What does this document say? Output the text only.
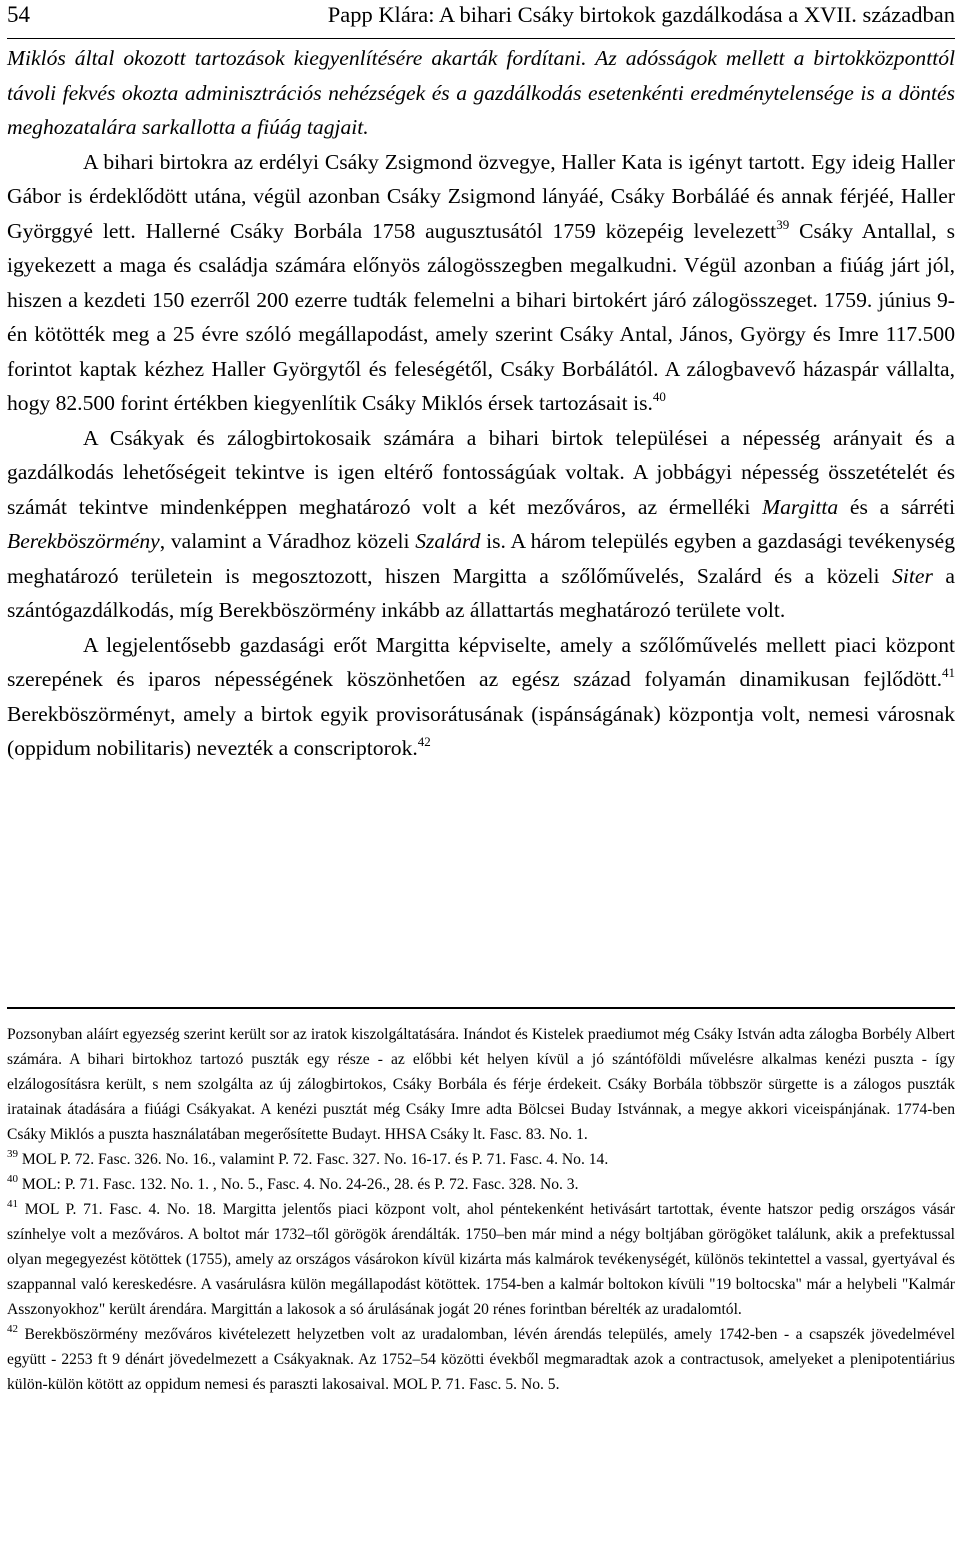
54	Papp Klára: A bihari Csáky birtokok gazdálkodása a XVII. században

Miklós által okozott tartozások kiegyenlítésére akarták fordítani. Az adósságok mellett a birtokközponttól távoli fekvés okozta adminisztrációs nehézségek és a gazdálkodás esetenkénti eredménytelensége is a döntés meghozatalára sarkallotta a fiúág tagjait.

A bihari birtokra az erdélyi Csáky Zsigmond özvegye, Haller Kata is igényt tartott. Egy ideig Haller Gábor is érdeklődött utána, végül azonban Csáky Zsigmond lányáé, Csáky Borbáláé és annak férjéé, Haller Györggyé lett. Hallerné Csáky Borbála 1758 augusztusától 1759 közepéig levelezett$^{39}$ Csáky Antallal, s igyekezett a maga és családja számára előnyös zálogösszegben megalkudni. Végül azonban a fiúág járt jól, hiszen a kezdeti 150 ezerről 200 ezerre tudták felemelni a bihari birtokért járó zálogösszeget. 1759. június 9-én kötötték meg a 25 évre szóló megállapodást, amely szerint Csáky Antal, János, György és Imre 117.500 forintot kaptak kézhez Haller Györgytől és feleségétől, Csáky Borbálától. A zálogbavevő házaspár vállalta, hogy 82.500 forint értékben kiegyenlítik Csáky Miklós érsek tartozásait is.$^{40}$

A Csákyak és zálogbirtokosaik számára a bihari birtok települései a népesség arányait és a gazdálkodás lehetőségeit tekintve is igen eltérő fontosságúak voltak. A jobbágyi népesség összetételét és számát tekintve mindenképpen meghatározó volt a két mezőváros, az érmelléki Margitta és a sárréti Berekböszörmény, valamint a Váradhoz közeli Szalárd is. A három település egyben a gazdasági tevékenység meghatározó területein is megosztozott, hiszen Margitta a szőlőművelés, Szalárd és a közeli Siter a szántógazdálkodás, míg Berekböszörmény inkább az állattartás meghatározó területe volt.

A legjelentősebb gazdasági erőt Margitta képviselte, amely a szőlőművelés mellett piaci központ szerepének és iparos népességének köszönhetően az egész század folyamán dinamikusan fejlődött.$^{41}$ Berekböszörményt, amely a birtok egyik provisorátusának (ispánságának) központja volt, nemesi városnak (oppidum nobilitaris) nevezték a conscriptorok.$^{42}$

Pozsonyban aláírt egyezség szerint került sor az iratok kiszolgáltatására. Inándot és Kistelek praediumot még Csáky István adta zálogba Borbély Albert számára. A bihari birtokhoz tartozó puszták egy része - az előbbi két helyen kívül a jó szántóföldi művelésre alkalmas kenézi puszta - így elzálogosításra került, s nem szolgálta az új zálogbirtokos, Csáky Borbála és férje érdekeit. Csáky Borbála többször sürgette is a zálogos puszták iratainak átadására a fiúági Csákyakat. A kenézi pusztát még Csáky Imre adta Bölcsei Buday Istvánnak, a megye akkori viceispánjának. 1774-ben Csáky Miklós a puszta használatában megerősítette Budayt. HHSA Csáky lt. Fasc. 83. No. 1.

$^{39}$ MOL P. 72. Fasc. 326. No. 16., valamint P. 72. Fasc. 327. No. 16-17. és P. 71. Fasc. 4. No. 14.

$^{40}$ MOL: P. 71. Fasc. 132. No. 1. , No. 5., Fasc. 4. No. 24-26., 28. és P. 72. Fasc. 328. No. 3.

$^{41}$ MOL P. 71. Fasc. 4. No. 18. Margitta jelentős piaci központ volt, ahol péntekenként hetivásárt tartottak, évente hatszor pedig országos vásár színhelye volt a mezőváros. A boltot már 1732–től görögök árendálták. 1750–ben már mind a négy boltjában görögöket találunk, akik a prefektussal olyan megegyezést kötöttek (1755), amely az országos vásárokon kívül kizárta más kalmárok tevékenységét, különös tekintettel a vassal, gyertyával és szappannal való kereskedésre. A vasárulásra külön megállapodást kötöttek. 1754-ben a kalmár boltokon kívüli "19 boltocska" már a helybeli "Kalmár Asszonyokhoz" került árendára. Margittán a lakosok a só árulásának jogát 20 rénes forintban bérelték az uradalomtól.

$^{42}$ Berekböszörmény mezőváros kivételezett helyzetben volt az uradalomban, lévén árendás település, amely 1742-ben - a csapszék jövedelmével együtt - 2253 ft 9 dénárt jövedelmezett a Csákyaknak. Az 1752–54 közötti évekből megmaradtak azok a contractusok, amelyeket a plenipotentiárius külön-külön kötött az oppidum nemesi és paraszti lakosaival. MOL P. 71. Fasc. 5. No. 5.
